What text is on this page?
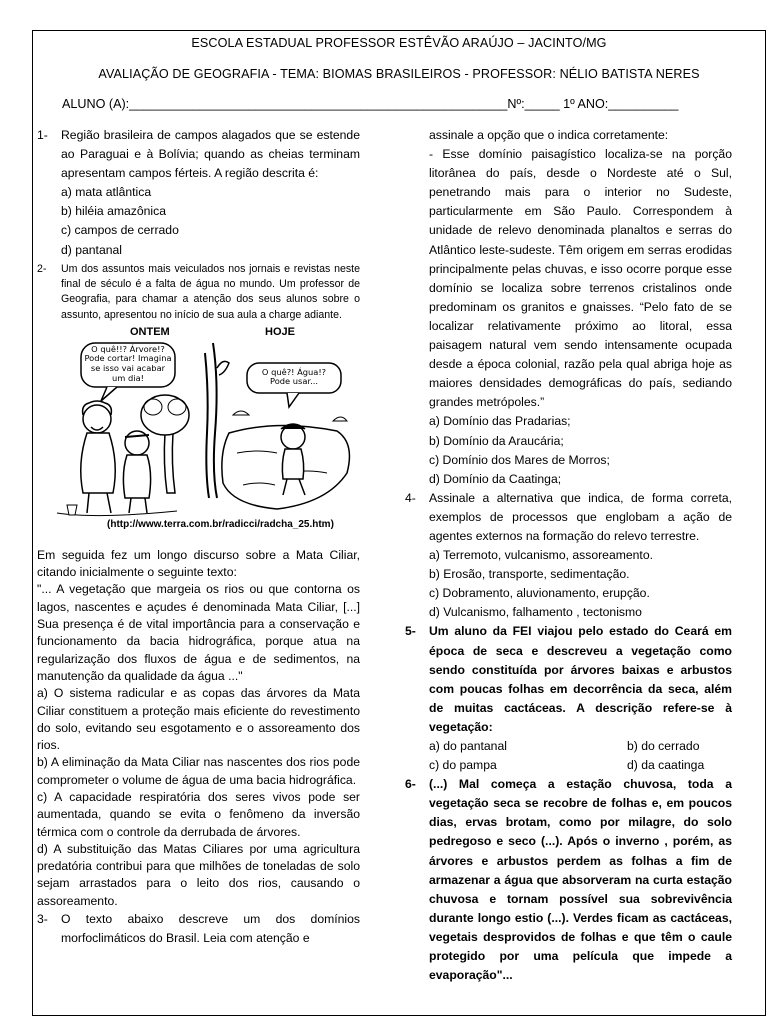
ESCOLA ESTADUAL PROFESSOR ESTÊVÃO ARAÚJO – JACINTO/MG
AVALIAÇÃO DE GEOGRAFIA - TEMA: BIOMAS BRASILEIROS - PROFESSOR: NÉLIO BATISTA NERES
ALUNO (A):______________________________________________________Nº:_____ 1º ANO:__________
1-	Região brasileira de campos alagados que se estende ao Paraguai e à Bolívia; quando as cheias terminam apresentam campos férteis. A região descrita é:
a) mata atlântica
b) hiléia amazônica
c) campos de cerrado
d) pantanal
2-	Um dos assuntos mais veiculados nos jornais e revistas neste final de século é a falta de água no mundo. Um professor de Geografia, para chamar a atenção dos seus alunos sobre o assunto, apresentou no início de sua aula a charge adiante.
ONTEM	HOJE
O quê!!? Árvore!?
Pode cortar! Imagina
se isso vai acabar
um dia!
O quê?! Água!?
Pode usar...
(http://www.terra.com.br/radicci/radcha_25.htm)

Em seguida fez um longo discurso sobre a Mata Ciliar, citando inicialmente o seguinte texto:

"... A vegetação que margeia os rios ou que contorna os lagos, nascentes e açudes é denominada Mata Ciliar, [...] Sua presença é de vital importância para a conservação e funcionamento da bacia hidrográfica, porque atua na regularização dos fluxos de água e de sedimentos, na manutenção da qualidade da água ..."

a) O sistema radicular e as copas das árvores da Mata Ciliar constituem a proteção mais eficiente do revestimento do solo, evitando seu esgotamento e o assoreamento dos rios.

b) A eliminação da Mata Ciliar nas nascentes dos rios pode comprometer o volume de água de uma bacia hidrográfica.

c) A capacidade respiratória dos seres vivos pode ser aumentada, quando se evita o fenômeno da inversão térmica com o controle da derrubada de árvores.

d) A substituição das Matas Ciliares por uma agricultura predatória contribui para que milhões de toneladas de solo sejam arrastados para o leito dos rios, causando o assoreamento.

3-	O texto abaixo descreve um dos domínios morfoclimáticos do Brasil. Leia com atenção e
assinale a opção que o indica corretamente:

- Esse domínio paisagístico localiza-se na porção litorânea do país, desde o Nordeste até o Sul, penetrando mais para o interior no Sudeste, particularmente em São Paulo. Correspondem à unidade de relevo denominada planaltos e serras do Atlântico leste-sudeste. Têm origem em serras erodidas principalmente pelas chuvas, e isso ocorre porque esse domínio se localiza sobre terrenos cristalinos onde predominam os granitos e gnaisses. “Pelo fato de se localizar relativamente próximo ao litoral, essa paisagem natural vem sendo intensamente ocupada desde a época colonial, razão pela qual abriga hoje as maiores densidades demográficas do país, sediando grandes metrópoles.”

a) Domínio das Pradarias;
b) Domínio da Araucária;
c) Domínio dos Mares de Morros;
d) Domínio da Caatinga;
4-	Assinale a alternativa que indica, de forma correta, exemplos de processos que englobam a ação de agentes externos na formação do relevo terrestre.
a) Terremoto, vulcanismo, assoreamento.
b) Erosão, transporte, sedimentação.
c) Dobramento, aluvionamento, erupção.
d) Vulcanismo, falhamento , tectonismo
5-	Um aluno da FEI viajou pelo estado do Ceará em época de seca e descreveu a vegetação como sendo constituída por árvores baixas e arbustos com poucas folhas em decorrência da seca, além de muitas cactáceas. A descrição refere-se à vegetação:
a) do pantanal	b) do cerrado
c) do pampa	d) da caatinga
6-	(...) Mal começa a estação chuvosa, toda a vegetação seca se recobre de folhas e, em poucos dias, ervas brotam, como por milagre, do solo pedregoso e seco (...). Após o inverno , porém, as árvores e arbustos perdem as folhas a fim de armazenar a água que absorveram na curta estação chuvosa e tornam possível sua sobrevivência durante longo estio (...). Verdes ficam as cactáceas, vegetais desprovidos de folhas e que têm o caule protegido por uma película que impede a evaporação"...
